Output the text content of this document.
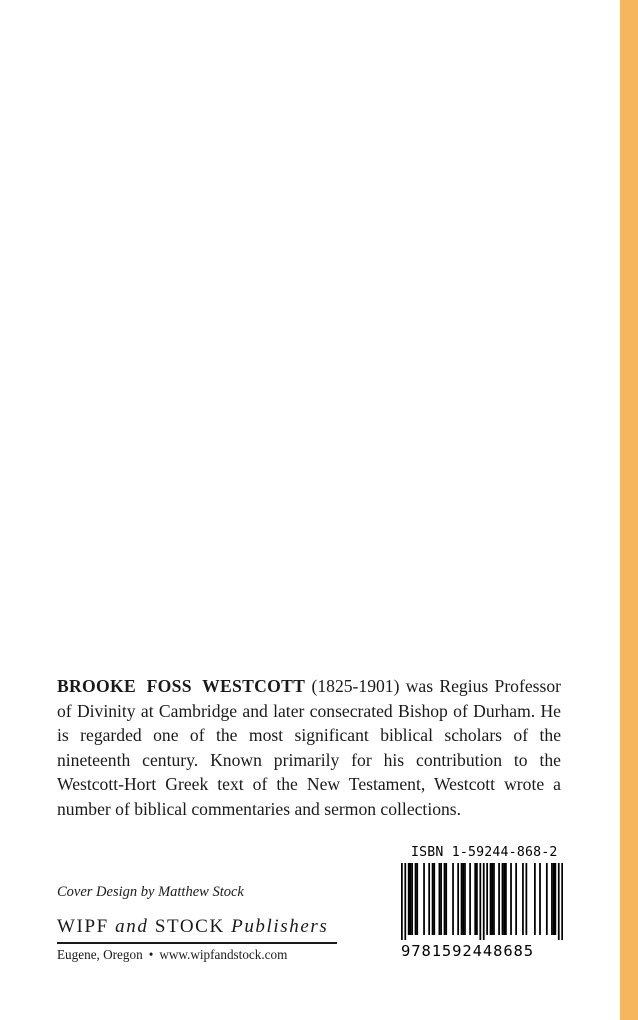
BROOKE FOSS WESTCOTT (1825-1901) was Regius Professor of Divinity at Cambridge and later consecrated Bishop of Durham. He is regarded one of the most significant biblical scholars of the nineteenth century. Known primarily for his contribution to the Westcott-Hort Greek text of the New Testament, Westcott wrote a number of biblical commentaries and sermon collections.
Cover Design by Matthew Stock
WIPF and STOCK Publishers
Eugene, Oregon • www.wipfandstock.com
ISBN 1-59244-868-2
9781592448685
